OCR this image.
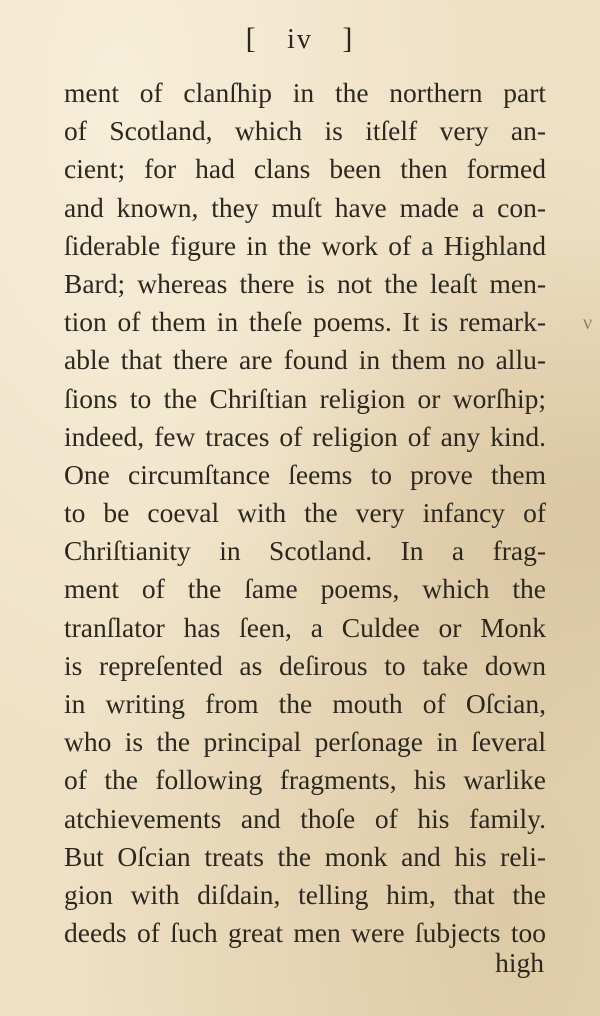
[ iv ]
ment of clanſhip in the northern part
of Scotland, which is itſelf very an-
cient; for had clans been then formed
and known, they muſt have made a con-
ſiderable figure in the work of a Highland
Bard; whereas there is not the leaſt men-
tion of them in theſe poems. It is remark-
able that there are found in them no allu-
ſions to the Chriſtian religion or worſhip;
indeed, few traces of religion of any kind.
One circumſtance ſeems to prove them
to be coeval with the very infancy of
Chriſtianity in Scotland. In a frag-
ment of the ſame poems, which the
tranſlator has ſeen, a Culdee or Monk
is repreſented as deſirous to take down
in writing from the mouth of Oſcian,
who is the principal perſonage in ſeveral
of the following fragments, his warlike
atchievements and thoſe of his family.
But Oſcian treats the monk and his reli-
gion with diſdain, telling him, that the
deeds of ſuch great men were ſubjects too
high
ν
